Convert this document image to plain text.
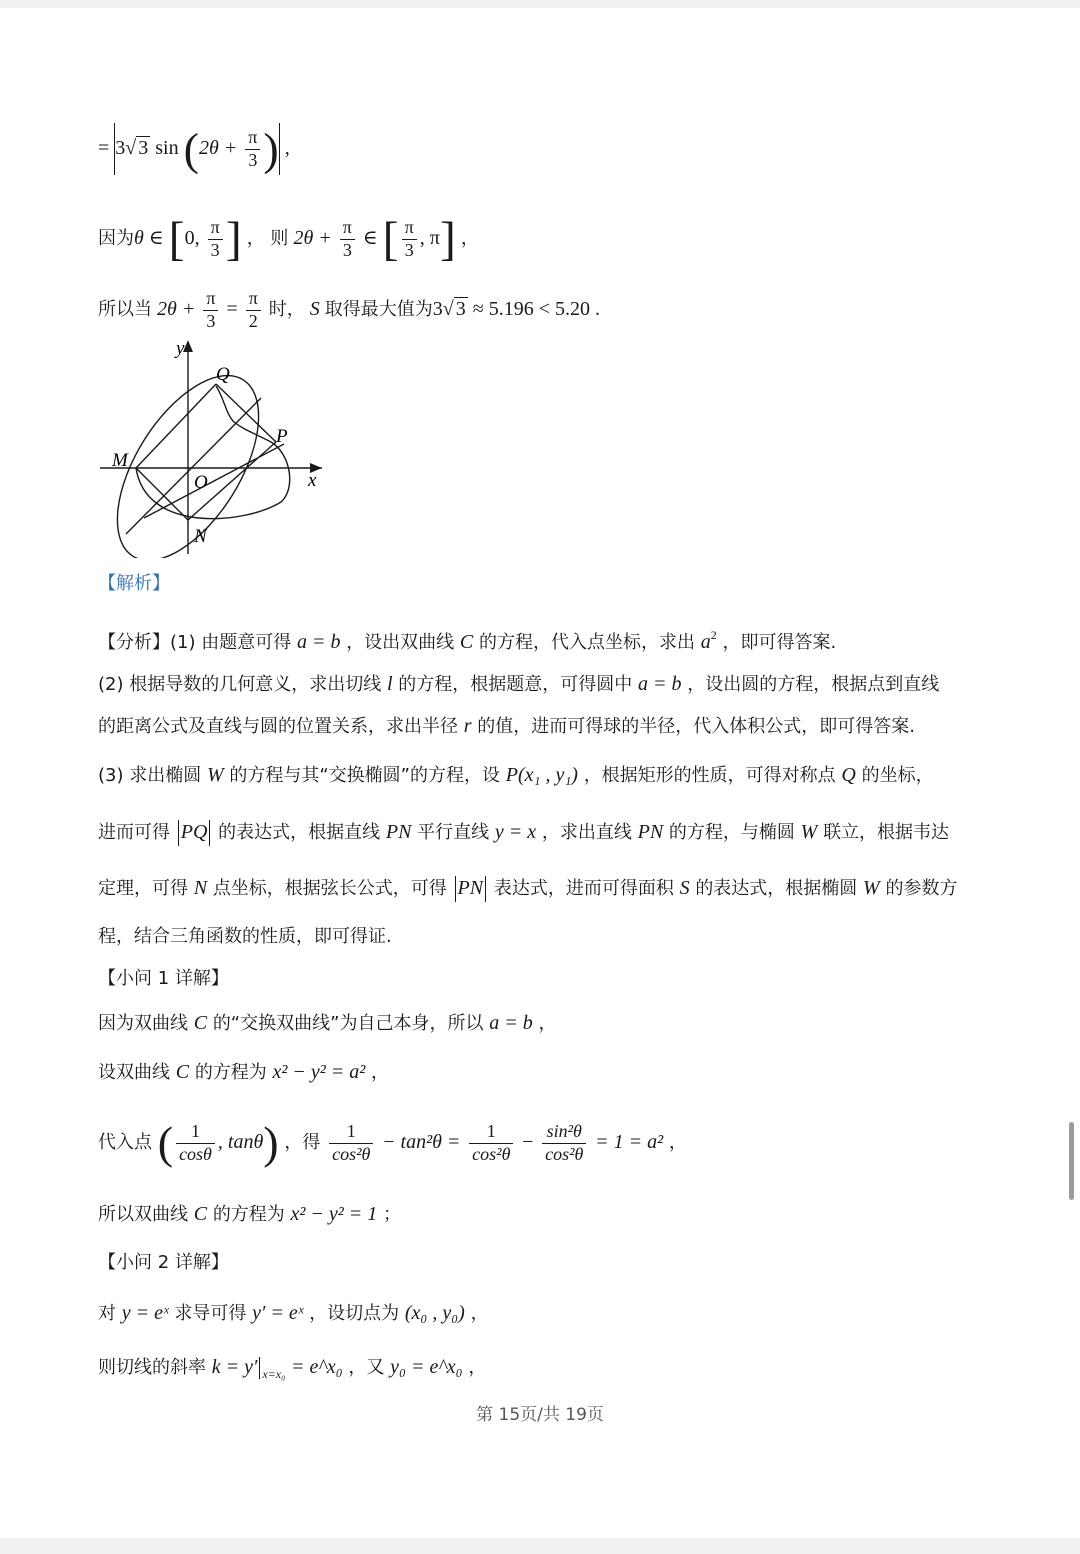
= 3√ 3 $\sin (2\theta + \frac{\pi}{3}$ ) ,
因为θ ∈ [0, $\frac{\pi}{3}$ ] ， 则 $2\theta + \frac{\pi}{3}$ ∈ [ $\frac{\pi}{3}$ , π] ，
所以当 $2\theta + \frac{\pi}{3} = \frac{\pi}{2}$ 时， S 取得最大值为3√ 3 ≈ 5.196 < 5.20 .
y
x
O
M
N
P
Q
【解析】
【分析】(1) 由题意可得 a = b ，设出双曲线 C 的方程，代入点坐标，求出 $a^2$ ，即可得答案.
(2) 根据导数的几何意义，求出切线 l 的方程，根据题意，可得圆中 a = b ，设出圆的方程，根据点到直线
的距离公式及直线与圆的位置关系，求出半径 r 的值，进而可得球的半径，代入体积公式，即可得答案.
(3) 求出椭圆 W 的方程与其“交换椭圆”的方程，设 P(x₁ , y₁) ，根据矩形的性质，可得对称点 Q 的坐标，
进而可得 PQ 的表达式，根据直线 PN 平行直线 y = x ，求出直线 PN 的方程，与椭圆 W 联立，根据韦达
定理，可得 N 点坐标，根据弦长公式，可得 PN 表达式，进而可得面积 S 的表达式，根据椭圆 W 的参数方
程，结合三角函数的性质，即可得证.
【小问 1 详解】
因为双曲线 C 的“交换双曲线”为自己本身，所以 a = b ，
设双曲线 C 的方程为 x² − y² = a² ，
代入点 ( $\frac{1}{\cos\theta}$ , tanθ) ，得 $\frac{1}{\text{cos²θ}} - \tan^2\theta = \frac{1}{\text{cos²θ}} - \frac{\text{sin²θ}}{\text{cos²θ}} = 1 = a^2$ ，
所以双曲线 C 的方程为 x² − y² = 1 ；
【小问 2 详解】
对 y = eˣ 求导可得 y′ = eˣ ，设切点为 (x₀ , y₀) ，
则切线的斜率 k = y′ $_{x=x_0}$ = e^x₀ ，又 y₀ = e^x₀ ，
第 15页/共 19页
